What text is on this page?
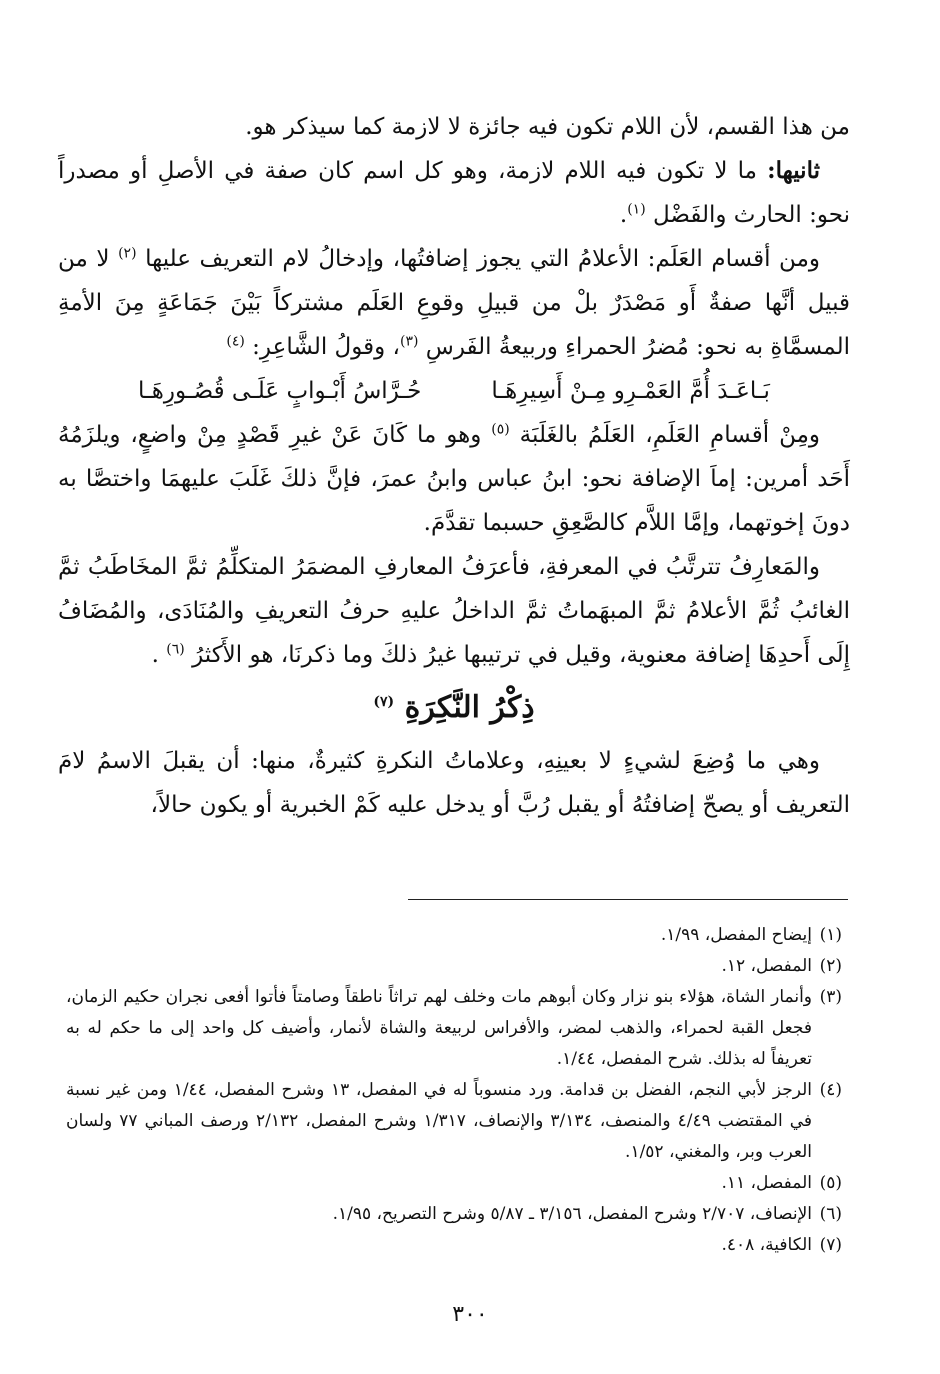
من هذا القسم، لأن اللام تكون فيه جائزة لا لازمة كما سيذكر هو.

ثانيها: ما لا تكون فيه اللام لازمة، وهو كل اسم كان صفة في الأصلِ أو مصدراً نحو: الحارث والفَضْل $^{(١)}$.

ومن أقسام العَلَم: الأعلامُ التي يجوز إضافتُها، وإدخالُ لام التعريف عليها $^{(٢)}$ لا من قبيل أنَّها صفةٌ أَو مَصْدَرٌ بلْ من قبيلِ وقوعِ العَلَم مشتركاً بَيْنَ جَمَاعَةٍ مِنَ الأمةِ المسمَّاةِ به نحو: مُضرُ الحمراءِ وربيعةُ الفَرسِ $^{(٣)}$، وقولُ الشَّاعِرِ: $^{(٤)}$

بَـاعَـدَ أُمَّ العَمْـرِو مِـنْ أَسِيرِهَـا
حُـرَّاسُ أَبْـوابٍ عَلَـى قُصُـورِهَـا

ومِنْ أقسامِ العَلَمِ، العَلَمُ بالغَلَبَة $^{(٥)}$ وهو ما كَانَ عَنْ غيرِ قَصْدٍ مِنْ واضعٍ، ويلزَمُهُ أَحَد أمرين: إماَ الإضافة نحو: ابنُ عباس وابنُ عمرَ، فإنَّ ذلكَ غَلَبَ عليهمَا واختصَّا به دونَ إخوتهما، وإمَّا اللاَّم كالصَّعِقِ حسبما تقدَّمَ.

والمَعارِفُ تترتَّبُ في المعرفةِ، فأعرَفُ المعارفِ المضمَرُ المتكلِّمُ ثمَّ المخَاطَبُ ثمَّ الغائبُ ثُمَّ الأعلامُ ثمَّ المبهَماتُ ثمَّ الداخلُ عليهِ حرفُ التعريفِ والمُنَادَى، والمُضَافُ إِلَى أَحدِهَا إضافة معنوية، وقيل في ترتيبها غيرُ ذلكَ وما ذكرنَا، هو الأَكثرُ $^{(٦)}$ .

ذِكْرُ النَّكِرَةِ $^{(٧)}$

وهي ما وُضِعَ لشيءٍ لا بعينِهِ، وعلاماتُ النكرةِ كثيرةٌ، منها: أن يقبلَ الاسمُ لامَ التعريف أو يصحّ إضافتُهُ أو يقبل رُبَّ أو يدخل عليه كَمْ الخبرية أو يكون حالاً،

(١)
إيضاح المفصل، ١/٩٩.
(٢)
المفصل، ١٢.
(٣)
وأنمار الشاة، هؤلاء بنو نزار وكان أبوهم مات وخلف لهم تراثاً ناطقاً وصامتاً فأتوا أفعى نجران حكيم الزمان، فجعل القبة لحمراء، والذهب لمضر، والأفراس لربيعة والشاة لأنمار، وأضيف كل واحد إلى ما حكم له به تعريفاً له بذلك. شرح المفصل، ١/٤٤.
(٤)
الرجز لأبي النجم، الفضل بن قدامة. ورد منسوباً له في المفصل، ١٣ وشرح المفصل، ١/٤٤ ومن غير نسبة في المقتضب ٤/٤٩ والمنصف، ٣/١٣٤ والإنصاف، ١/٣١٧ وشرح المفصل، ٢/١٣٢ ورصف المباني ٧٧ ولسان العرب وبر، والمغني، ١/٥٢.
(٥)
المفصل، ١١.
(٦)
الإنصاف، ٢/٧٠٧ وشرح المفصل، ٣/١٥٦ ـ ٥/٨٧ وشرح التصريح، ١/٩٥.
(٧)
الكافية، ٤٠٨.
٣٠٠
